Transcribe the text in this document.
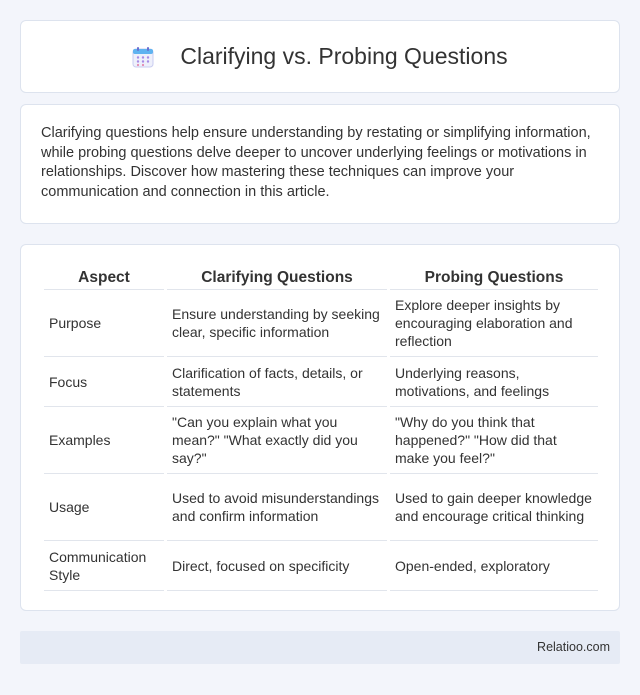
Clarifying vs. Probing Questions

Clarifying questions help ensure understanding by restating or simplifying information, while probing questions delve deeper to uncover underlying feelings or motivations in relationships. Discover how mastering these techniques can improve your communication and connection in this article.

Aspect	Clarifying Questions	Probing Questions
Purpose	Ensure understanding by seeking clear, specific information	Explore deeper insights by encouraging elaboration and reflection
Focus	Clarification of facts, details, or statements	Underlying reasons, motivations, and feelings
Examples	"Can you explain what you mean?" "What exactly did you say?"	"Why do you think that happened?" "How did that make you feel?"
Usage	Used to avoid misunderstandings and confirm information	Used to gain deeper knowledge and encourage critical thinking
Communication Style	Direct, focused on specificity	Open-ended, exploratory
Relatioo.com
